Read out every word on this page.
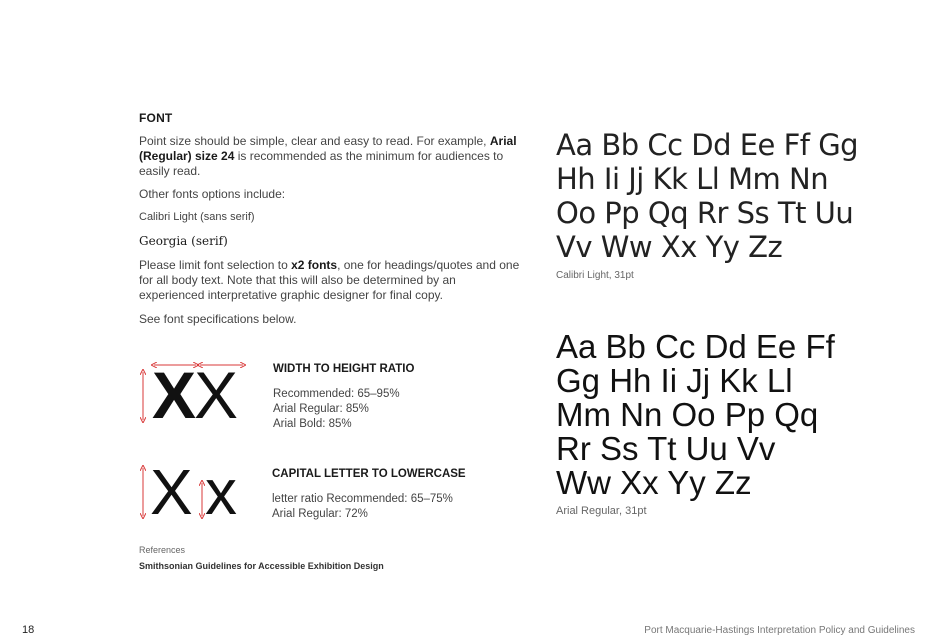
FONT
Point size should be simple, clear and easy to read. For example, Arial (Regular) size 24 is recommended as the minimum for audiences to easily read.
Other fonts options include:
Calibri Light (sans serif)
Georgia (serif)
Please limit font selection to x2 fonts, one for headings/quotes and one for all body text. Note that this will also be determined by an experienced interpretative graphic designer for final copy.
See font specifications below.
XX	WIDTH TO HEIGHT RATIO
Recommended: 65–95%
Arial Regular: 85%
Arial Bold: 85%
X x	CAPITAL LETTER TO LOWERCASE
letter ratio Recommended: 65–75%
Arial Regular: 72%
References
Smithsonian Guidelines for Accessible Exhibition Design
Aa Bb Cc Dd Ee Ff Gg
Hh Ii Jj Kk Ll Mm Nn
Oo Pp Qq Rr Ss Tt Uu
Vv Ww Xx Yy Zz
Calibri Light, 31pt
Aa Bb Cc Dd Ee Ff
Gg Hh Ii Jj Kk Ll
Mm Nn Oo Pp Qq
Rr Ss Tt Uu Vv
Ww Xx Yy Zz
Arial Regular, 31pt
18	Port Macquarie-Hastings Interpretation Policy and Guidelines
